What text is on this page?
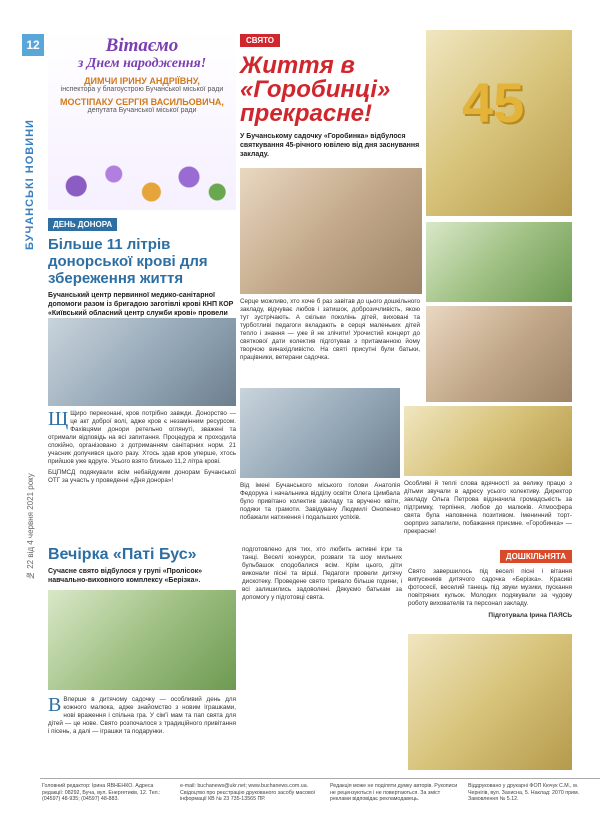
12
БУЧАНСЬКІ НОВИНИ
№ 22 від 4 червня 2021 року
Вітаємо
з Днем народження!
ДИМЧИ ІРИНУ АНДРІЇВНУ,
інспектора у благоустрою Бучанської міської ради
МОСТІПАКУ СЕРГІЯ ВАСИЛЬОВИЧА,
депутата Бучанської міської ради
ДЕНЬ ДОНОРА
Більше 11 літрів донорської крові для збереження життя
Бучанський центр первинної медико-санітарної допомоги разом із бригадою заготівлі крові КНП КОР «Київський обласний центр служби крові» провели
Щ Щиро переконані, кров потрібно завжди. Донорство — це акт доброї волі, адже кров є незамінним ресурсом. Фахівцями донори ретельно оглянуті, зважені та отримали відповідь на всі запитання. Процедура ж проходила спокійно, організовано з дотриманням санітарних норм. 21 учасник долучився цього разу. Хтось здав кров уперше, хтось прийшов уже вдруге. Усього взято близько 11,2 літра крові.

БЦПМСД подякували всім небайдужим донорам Бучанської ОТГ за участь у проведенні «Дня донора»!

СВЯТО
Життя в «Горобинці» прекрасне!
У Бучанському садочку «Горобинка» відбулося святкування 45-річного ювілею від дня заснування закладу.
45

Серце можливо, хто хоче б раз завітав до цього дошкільного закладу, відчуває любов і затишок, доброзичливість, якою тут зустрічають. А скільки поколінь дітей, виховані та турботливі педагоги вкладають в серця маленьких дітей тепло і знання — уже й не злічити! Урочистий концерт до святкової дати колектив підготував з притаманною йому творчою винахідливістю. На святі присутні були батьки, працівники, ветерани садочка.

Від імені Бучанського міського голови Анатолія Федорука і начальника відділу освіти Олега Цимбала було привітано колектив закладу та вручено квіти, подяки та грамоти. Завідувачу Людмилі Онопенко побажали натхнення і подальших успіхів.

Особливі й теплі слова вдячності за велику працю з дітьми звучали в адресу усього колективу. Директор закладу Ольга Петрова відзначила громадськість за підтримку, терпіння, любов до малюків. Атмосфера свята була наповнена позитивом. Іменинний торт-сюрприз запалили, побажання приємне. «Горобинка» — прекрасне!

Вечірка «Паті Бус»
Сучасне свято відбулося у групі «Пролісок» навчально-виховного комплексу «Берізка».
В Вперше в дитячому садочку — особливий день для кожного малюка, адже знайомство з новим іграшками, нові враження і спільна гра. У сім'ї мам та пап свята для дітей — це нове. Свято розпочалося з традиційного привітання і пісень, а далі — іграшки та подарунки.

подготовлено для тих, хто любить активні ігри та танці. Веселі конкурси, розваги та шоу мильних бульбашок сподобалися всім. Крім цього, діти виконали пісні та вірші. Педагоги провели дитячу дискотеку. Проведене свято тривало більше години, і всі залишились задоволені. Дякуємо батькам за допомогу у підготовці свята.

ДОШКІЛЬНЯТА

Свято завершилось під веселі пісні і вітання випускників дитячого садочка «Берізка». Красиві фотосесії, веселий танець під звуки музики, пускання повітряних кульок. Молодих подякували за чудову роботу вихователів та персонал закладу.

Підготувала Ірина ПАЯСЬ
Головний редактор: Ірина ЯВНЕНКО. Адреса редакції: 08292, Буча, вул. Енергетиків, 12. Тел.: (04597) 48-935; (04597) 48-883.
e-mail: buchanews@ukr.net; www.buchanews.com.ua. Свідоцтво про реєстрацію друкованого засобу масової інформації КВ № 23 735-13565 ПР.
Редакція може не поділяти думку авторів. Рукописи не рецензуються і не повертаються. За зміст реклами відповідає рекламодавець.
Віддруковано у друкарні ФОП Кючук С.М., м. Чернігів, вул. Захисна, 5. Наклад: 2070 прим. Замовлення № 5.12.
